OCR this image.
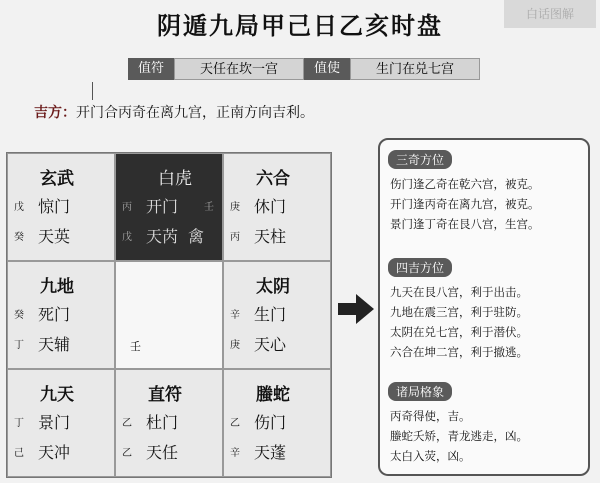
阴遁九局甲己日乙亥时盘	白话图解
值符	天任在坎一宫	值使	生门在兑七宫
吉方：开门合丙奇在离九宫，正南方向吉利。
玄武
戊 惊门
癸 天英
白虎
丙 开门	壬
戊 天芮 禽
六合
庚 休门
丙 天柱
九地
癸 死门
丁 天辅	壬
太阴
辛 生门
庚 天心
九天
丁 景门
己 天冲
直符
乙 杜门
乙 天任
螣蛇
乙 伤门
辛 天蓬
三奇方位
伤门逢乙奇在乾六宫，被克。
开门逢丙奇在离九宫，被克。
景门逢丁奇在艮八宫，生宫。
四吉方位
九天在艮八宫，利于出击。
九地在震三宫，利于驻防。
太阴在兑七宫，利于潜伏。
六合在坤二宫，利于撤逃。
诸局格象
丙奇得使，吉。
螣蛇夭矫，青龙逃走，凶。
太白入荧，凶。
